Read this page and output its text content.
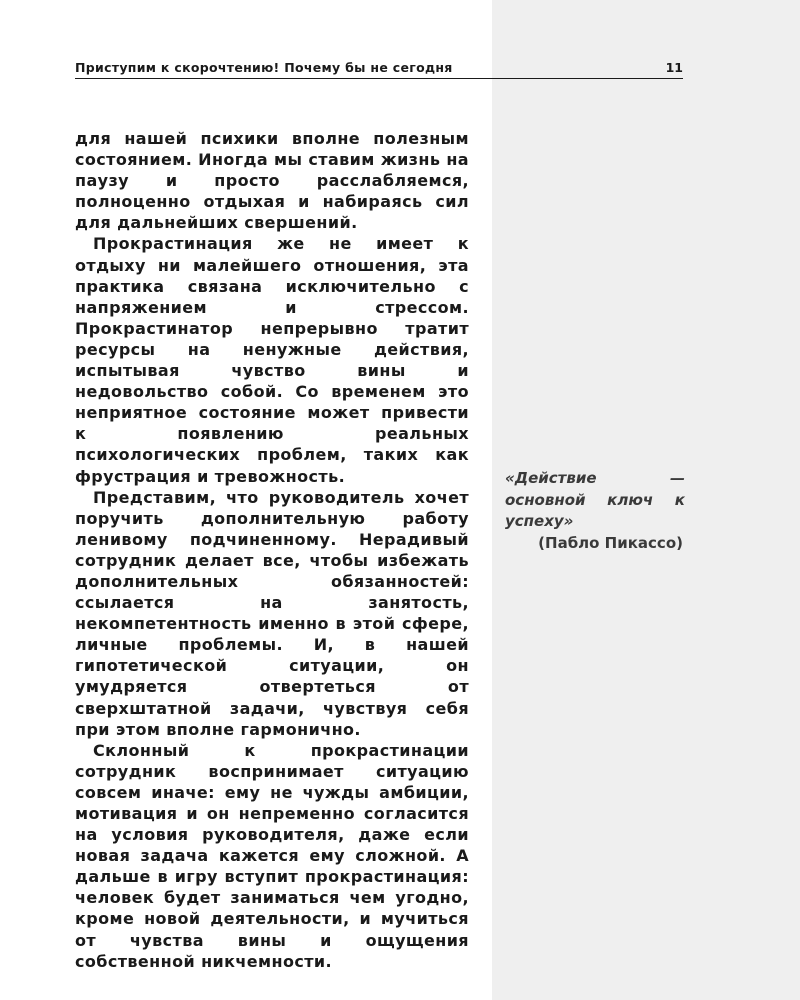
Приступим к скорочтению! Почему бы не сегодня	11

для нашей психики вполне полезным состоянием. Иногда мы ставим жизнь на паузу и просто расслабляемся, полноценно отдыхая и набираясь сил для дальнейших свершений.

Прокрастинация же не имеет к отдыху ни малейшего отношения, эта практика связана исключительно с напряжением и стрессом. Прокрастинатор непрерывно тратит ресурсы на ненужные действия, испытывая чувство вины и недовольство собой. Со временем это неприятное состояние может привести к появлению реальных психологических проблем, таких как фрустрация и тревожность.

Представим, что руководитель хочет поручить дополнительную работу ленивому подчиненному. Нерадивый сотрудник делает все, чтобы избежать дополнительных обязанностей: ссылается на занятость, некомпетентность именно в этой сфере, личные проблемы. И, в нашей гипотетической ситуации, он умудряется отвертеться от сверхштатной задачи, чувствуя себя при этом вполне гармонично.

Склонный к прокрастинации сотрудник воспринимает ситуацию совсем иначе: ему не чужды амбиции, мотивация и он непременно согласится на условия руководителя, даже если новая задача кажется ему сложной. А дальше в игру вступит прокрастинация: человек будет заниматься чем угодно, кроме новой деятельности, и мучиться от чувства вины и ощущения собственной никчемности.

«Действие — основной ключ к успеху»
(Пабло Пикассо)
